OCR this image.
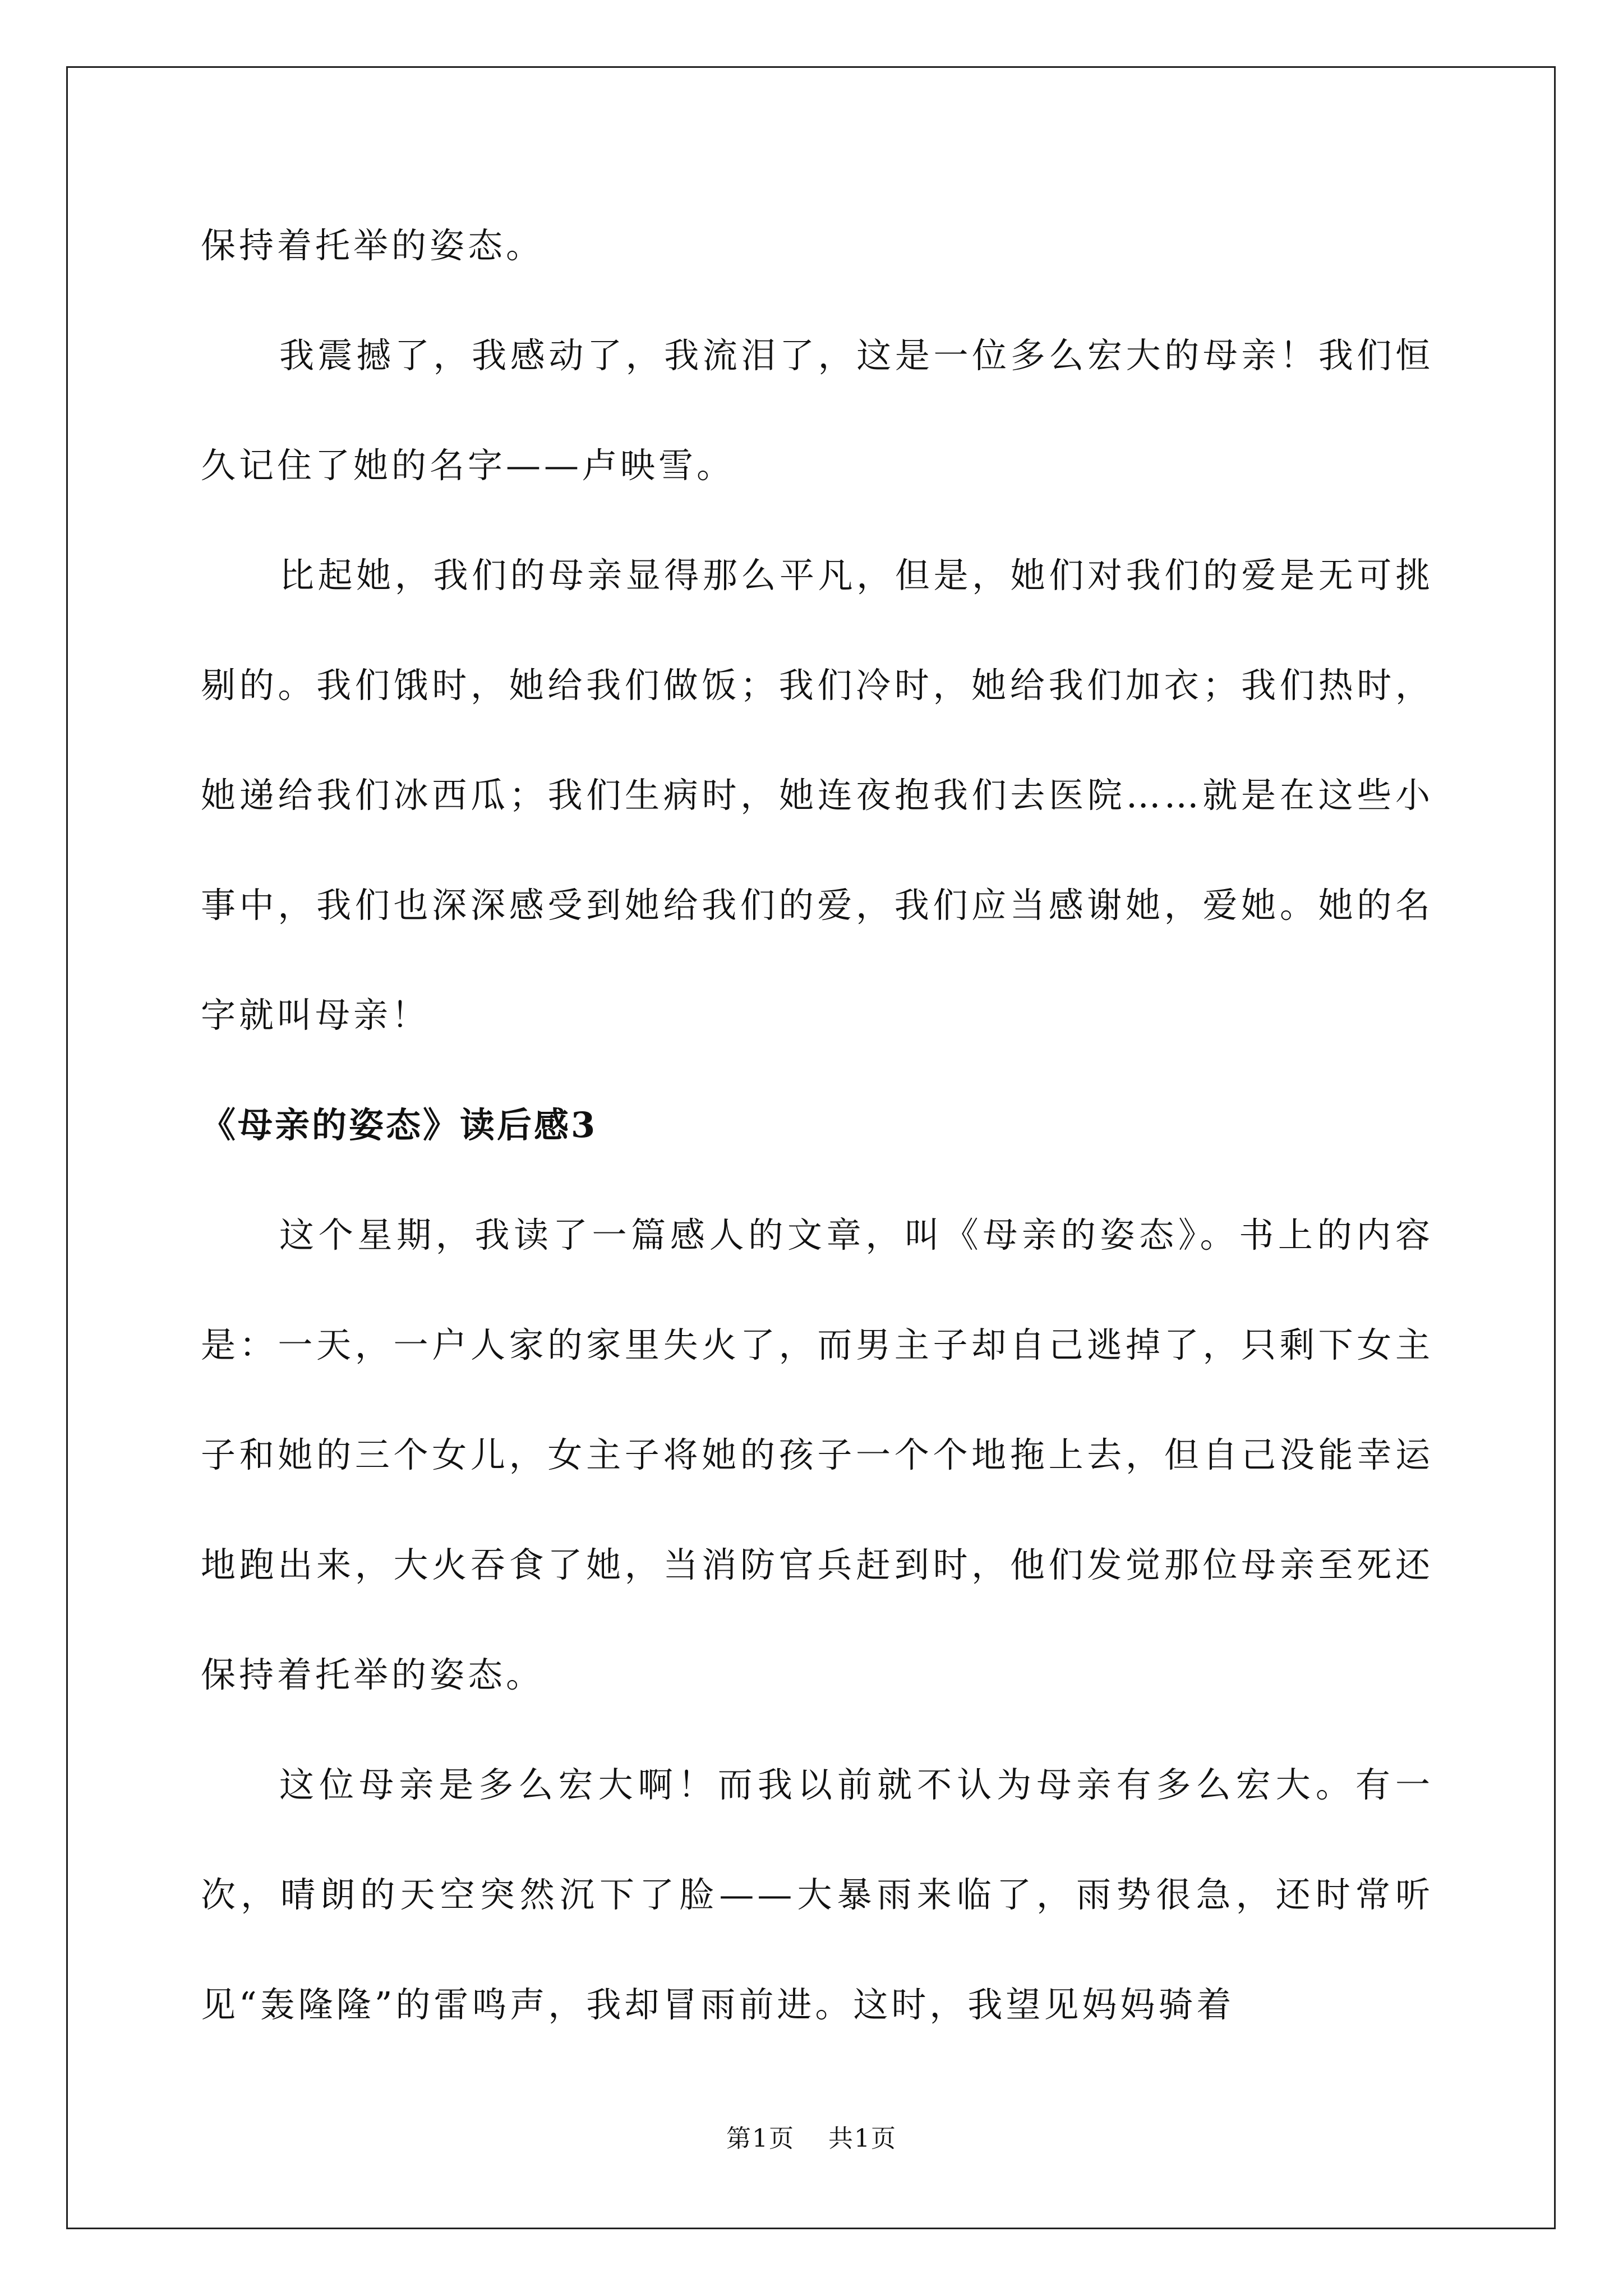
保持着托举的姿态。

我震撼了，我感动了，我流泪了，这是一位多么宏大的母亲！我们恒久记住了她的名字——卢映雪。

比起她，我们的母亲显得那么平凡，但是，她们对我们的爱是无可挑剔的。我们饿时，她给我们做饭；我们冷时，她给我们加衣；我们热时，她递给我们冰西瓜；我们生病时，她连夜抱我们去医院……就是在这些小事中，我们也深深感受到她给我们的爱，我们应当感谢她，爱她。她的名字就叫母亲！

《母亲的姿态》读后感3

这个星期，我读了一篇感人的文章，叫《母亲的姿态》。书上的内容是：一天，一户人家的家里失火了，而男主子却自己逃掉了，只剩下女主子和她的三个女儿，女主子将她的孩子一个个地拖上去，但自己没能幸运地跑出来，大火吞食了她，当消防官兵赶到时，他们发觉那位母亲至死还保持着托举的姿态。

这位母亲是多么宏大啊！而我以前就不认为母亲有多么宏大。有一次，晴朗的天空突然沉下了脸——大暴雨来临了，雨势很急，还时常听见“轰隆隆”的雷鸣声，我却冒雨前进。这时，我望见妈妈骑着

第1页 共1页
